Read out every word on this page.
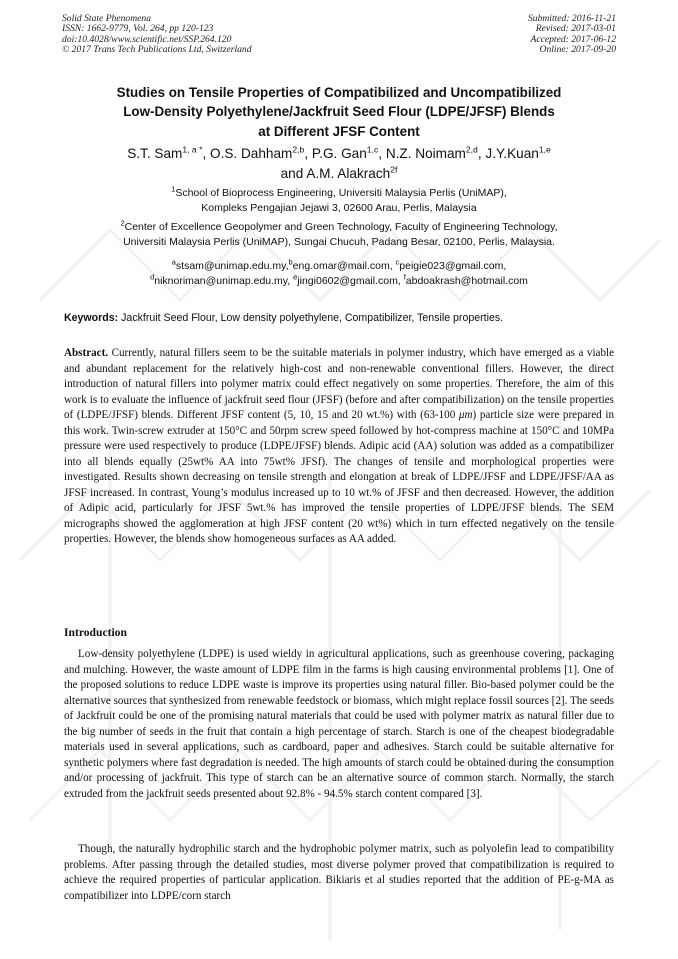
Solid State Phenomena
ISSN: 1662-9779, Vol. 264, pp 120-123
doi:10.4028/www.scientific.net/SSP.264.120
© 2017 Trans Tech Publications Ltd, Switzerland
Submitted: 2016-11-21
Revised: 2017-03-01
Accepted: 2017-06-12
Online: 2017-09-20
Studies on Tensile Properties of Compatibilized and Uncompatibilized
Low-Density Polyethylene/Jackfruit Seed Flour (LDPE/JFSF) Blends
at Different JFSF Content
S.T. Sam$^{1, a *}$, O.S. Dahham$^{2,b}$, P.G. Gan$^{1,c}$, N.Z. Noimam$^{2,d}$, J.Y.Kuan$^{1,e}$
and A.M. Alakrach$^{2f}$
$^1$School of Bioprocess Engineering, Universiti Malaysia Perlis (UniMAP),
Kompleks Pengajian Jejawi 3, 02600 Arau, Perlis, Malaysia
$^2$Center of Excellence Geopolymer and Green Technology, Faculty of Engineering Technology,
Universiti Malaysia Perlis (UniMAP), Sungai Chucuh, Padang Besar, 02100, Perlis, Malaysia.
$^a$stsam@unimap.edu.my,$^b$eng.omar@mail.com, $^c$peigie023@gmail.com,
$^d$niknoriman@unimap.edu.my, $^e$jingi0602@gmail.com, $^f$abdoakrash@hotmail.com
Keywords: Jackfruit Seed Flour, Low density polyethylene, Compatibilizer, Tensile properties.

Abstract. Currently, natural fillers seem to be the suitable materials in polymer industry, which have emerged as a viable and abundant replacement for the relatively high-cost and non-renewable conventional fillers. However, the direct introduction of natural fillers into polymer matrix could effect negatively on some properties. Therefore, the aim of this work is to evaluate the influence of jackfruit seed flour (JFSF) (before and after compatibilization) on the tensile properties of (LDPE/JFSF) blends. Different JFSF content (5, 10, 15 and 20 wt.%) with (63-100 μm) particle size were prepared in this work. Twin-screw extruder at 150°C and 50rpm screw speed followed by hot-compress machine at 150°C and 10MPa pressure were used respectively to produce (LDPE/JFSF) blends. Adipic acid (AA) solution was added as a compatibilizer into all blends equally (25wt% AA into 75wt% JFSf). The changes of tensile and morphological properties were investigated. Results shown decreasing on tensile strength and elongation at break of LDPE/JFSF and LDPE/JFSF/AA as JFSF increased. In contrast, Young’s modulus increased up to 10 wt.% of JFSF and then decreased. However, the addition of Adipic acid, particularly for JFSF 5wt.% has improved the tensile properties of LDPE/JFSF blends. The SEM micrographs showed the agglomeration at high JFSF content (20 wt%) which in turn effected negatively on the tensile properties. However, the blends show homogeneous surfaces as AA added.

Introduction

Low-density polyethylene (LDPE) is used wieldy in agricultural applications, such as greenhouse covering, packaging and mulching. However, the waste amount of LDPE film in the farms is high causing environmental problems [1]. One of the proposed solutions to reduce LDPE waste is improve its properties using natural filler. Bio-based polymer could be the alternative sources that synthesized from renewable feedstock or biomass, which might replace fossil sources [2]. The seeds of Jackfruit could be one of the promising natural materials that could be used with polymer matrix as natural filler due to the big number of seeds in the fruit that contain a high percentage of starch. Starch is one of the cheapest biodegradable materials used in several applications, such as cardboard, paper and adhesives. Starch could be suitable alternative for synthetic polymers where fast degradation is needed. The high amounts of starch could be obtained during the consumption and/or processing of jackfruit. This type of starch can be an alternative source of common starch. Normally, the starch extruded from the jackfruit seeds presented about 92.8% - 94.5% starch content compared [3].

Though, the naturally hydrophilic starch and the hydrophobic polymer matrix, such as polyolefin lead to compatibility problems. After passing through the detailed studies, most diverse polymer proved that compatibilization is required to achieve the required properties of particular application. Bikiaris et al studies reported that the addition of PE-g-MA as compatibilizer into LDPE/corn starch
